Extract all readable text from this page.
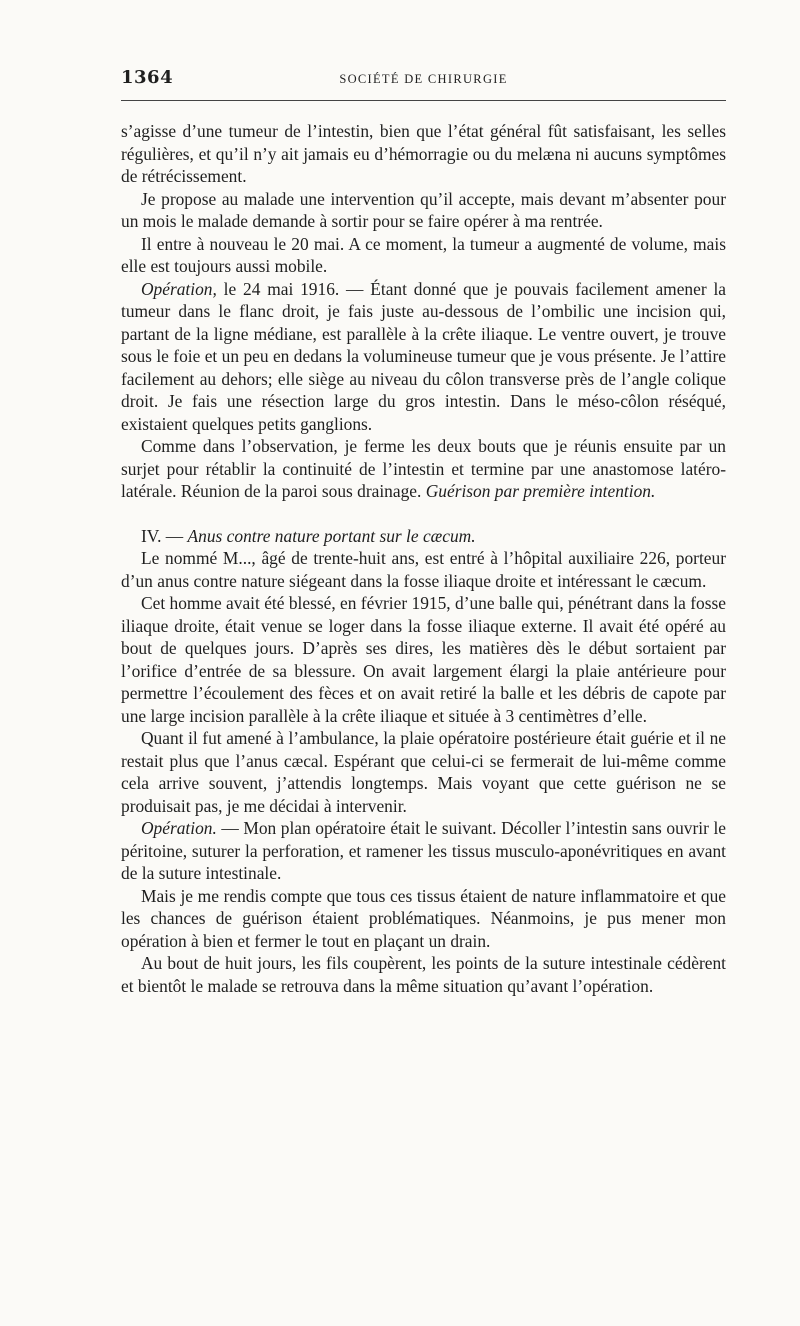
1364	SOCIÉTÉ DE CHIRURGIE

s’agisse d’une tumeur de l’intestin, bien que l’état général fût satisfaisant, les selles régulières, et qu’il n’y ait jamais eu d’hémorragie ou du melæna ni aucuns symptômes de rétrécissement.

Je propose au malade une intervention qu’il accepte, mais devant m’absenter pour un mois le malade demande à sortir pour se faire opérer à ma rentrée.

Il entre à nouveau le 20 mai. A ce moment, la tumeur a augmenté de volume, mais elle est toujours aussi mobile.

Opération, le 24 mai 1916. — Étant donné que je pouvais facilement amener la tumeur dans le flanc droit, je fais juste au-dessous de l’ombilic une incision qui, partant de la ligne médiane, est parallèle à la crête iliaque. Le ventre ouvert, je trouve sous le foie et un peu en dedans la volumineuse tumeur que je vous présente. Je l’attire facilement au dehors; elle siège au niveau du côlon transverse près de l’angle colique droit. Je fais une résection large du gros intestin. Dans le méso-côlon réséqué, existaient quelques petits ganglions.

Comme dans l’observation, je ferme les deux bouts que je réunis ensuite par un surjet pour rétablir la continuité de l’intestin et termine par une anastomose latéro-latérale. Réunion de la paroi sous drainage. Guérison par première intention.

IV. — Anus contre nature portant sur le cæcum.

Le nommé M..., âgé de trente-huit ans, est entré à l’hôpital auxiliaire 226, porteur d’un anus contre nature siégeant dans la fosse iliaque droite et intéressant le cæcum.

Cet homme avait été blessé, en février 1915, d’une balle qui, pénétrant dans la fosse iliaque droite, était venue se loger dans la fosse iliaque externe. Il avait été opéré au bout de quelques jours. D’après ses dires, les matières dès le début sortaient par l’orifice d’entrée de sa blessure. On avait largement élargi la plaie antérieure pour permettre l’écoulement des fèces et on avait retiré la balle et les débris de capote par une large incision parallèle à la crête iliaque et située à 3 centimètres d’elle.

Quant il fut amené à l’ambulance, la plaie opératoire postérieure était guérie et il ne restait plus que l’anus cæcal. Espérant que celui-ci se fermerait de lui-même comme cela arrive souvent, j’attendis longtemps. Mais voyant que cette guérison ne se produisait pas, je me décidai à intervenir.

Opération. — Mon plan opératoire était le suivant. Décoller l’intestin sans ouvrir le péritoine, suturer la perforation, et ramener les tissus musculo-aponévritiques en avant de la suture intestinale.

Mais je me rendis compte que tous ces tissus étaient de nature inflammatoire et que les chances de guérison étaient problématiques. Néanmoins, je pus mener mon opération à bien et fermer le tout en plaçant un drain.

Au bout de huit jours, les fils coupèrent, les points de la suture intestinale cédèrent et bientôt le malade se retrouva dans la même situation qu’avant l’opération.
